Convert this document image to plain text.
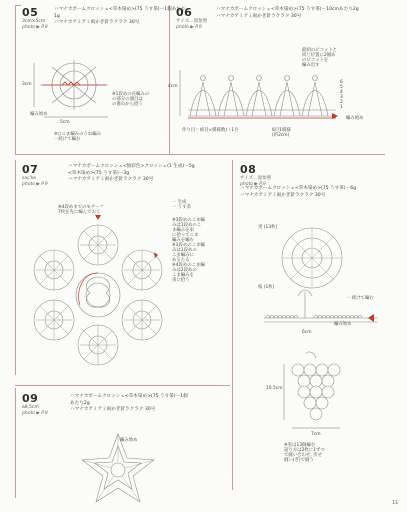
05
3cm×5cm
photo ▶ P.9
ハマナカボームクロッシェ<草木染め>(75 うす茶)－1個あたり
1g
ハマナカアミアミ両かぎ針ラクラク 30号
3cm
編み始め
5cm
※1段めの長編みの
の部分の頭目は
の裏山から拾う
※○こま編みのうね編み
一続けて編む
06
サイズ…図参照
photo ▶ P.9
ハマナカボームクロッシェ<草木染め>(75 うす茶)－10cmあたり2g
ハマナカアミアミ両かぎ針ラクラク 30号
最初のピコットと
同じ位置に2個め
のピコットを
編み出す
4cm
6
5
4
3
2
1
作り目＝(6目×模様数)＋1目	6目1模様
(約2cm)
編み始め
07
sac'ke
photo ▶ P.9
ハマナカボームクロッシェ<無彩色>クロッシェ(1 生成)－5g
<草木染め>(75 うす茶)－3g
ハマナカアミアミ両かぎ針ラクラク 30号
※4段めまでのモチーフ
7枚を先に編んでおく
一 生成
一 うす茶
※3段めのこま編
みは1段めのこ
ま編みを束
に拾ってこま
編みを編む
※3段めのこま編
みは1段めの
こま編みに
あるたる
※4段めのこま編
みは2段めの
こま編みを
束に拾う
08
サイズ…図参照
photo ▶ P.9
ハマナカボームクロッシェ<草木染め>(75 うす茶)－6g
ハマナカアミアミ両かぎ針ラクラク 30号
実 (13枚)
一 続けて編む
枝 (1枚)
6cm
編み始め
10.5cm
7cm
※実は13個編む
話り方は2枚に1ずつ
で縫い合わせ, 伏せ
縫い(ぎ)で縫う
09
a8.5cm
photo ▶ P.9
ハマナカボームクロッシェ<草木染め>(75 うす茶)－1個
あたり2g
ハマナカアミアミ両かぎ針ラクラク 30号
編み始め
11
